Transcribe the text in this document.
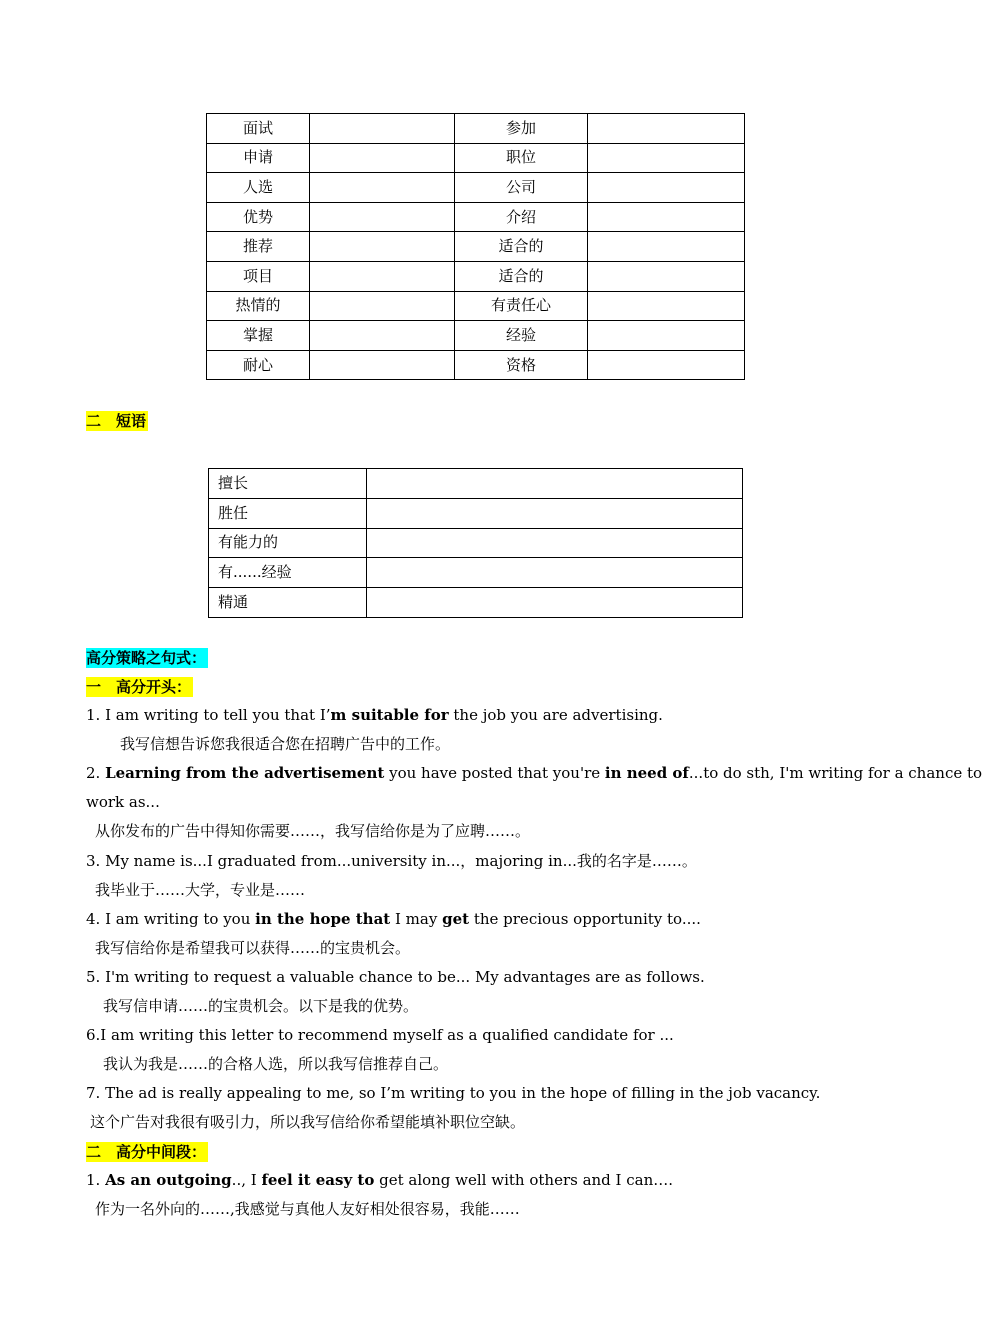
面试		参加	
申请		职位	
人选		公司	
优势		介绍	
推荐		适合的	
项目		适合的	
热情的		有责任心	
掌握		经验	
耐心		资格	
二　短语
擅长	
胜任	
有能力的	
有......经验	
精通	
高分策略之句式：
一　高分开头：
1. I am writing to tell you that I’m suitable for the job you are advertising.
我写信想告诉您我很适合您在招聘广告中的工作。
2. Learning from the advertisement you have posted that you're in need of...to do sth, I'm writing for a chance to
work as...
从你发布的广告中得知你需要……，我写信给你是为了应聘……。
3. My name is...I graduated from...university in...，majoring in...我的名字是……。
我毕业于……大学，专业是……
4. I am writing to you in the hope that I may get the precious opportunity to....
我写信给你是希望我可以获得……的宝贵机会。
5. I'm writing to request a valuable chance to be... My advantages are as follows.
我写信申请……的宝贵机会。以下是我的优势。
6.I am writing this letter to recommend myself as a qualified candidate for ...
我认为我是……的合格人选，所以我写信推荐自己。
7. The ad is really appealing to me, so I’m writing to you in the hope of filling in the job vacancy.
这个广告对我很有吸引力，所以我写信给你希望能填补职位空缺。
二　高分中间段：
1. As an outgoing.., I feel it easy to get along well with others and I can….
作为一名外向的……,我感觉与真他人友好相处很容易，我能……
